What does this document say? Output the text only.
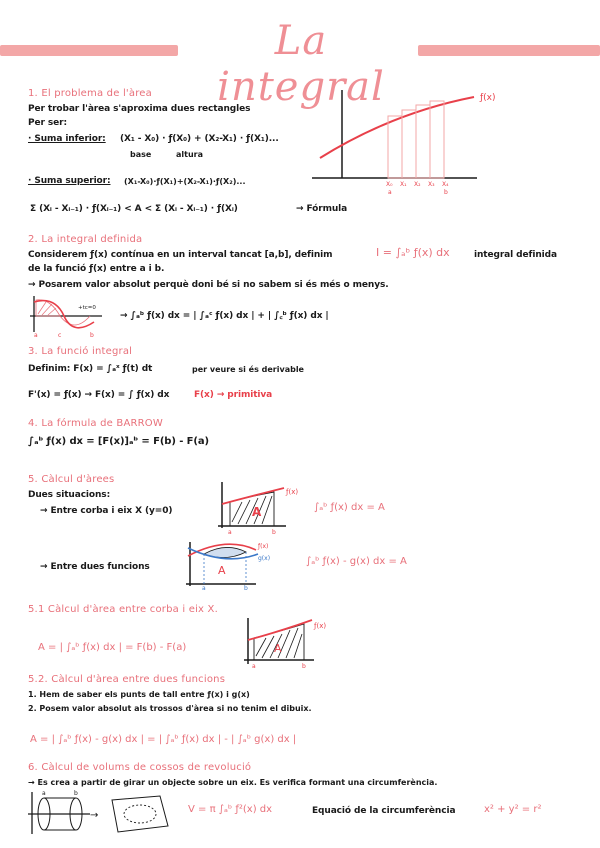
La integral
1. El problema de l'àrea
Per trobar l'àrea s'aproxima dues rectangles
Per ser:
· Suma inferior: (X₁ - X₀) · ƒ(X₀) + (X₂-X₁) · ƒ(X₁)...
base	altura
· Suma superior: (X₁-X₀)·ƒ(X₁)+(X₂-X₁)·ƒ(X₂)...
Σ (Xᵢ - Xᵢ₋₁) · ƒ(Xᵢ₋₁) < A < Σ (Xᵢ - Xᵢ₋₁) · ƒ(Xᵢ)	→ Fórmula
ƒ(x)
X₀ X₁ X₂ X₃ X₄
a	b
2. La integral definida
Considerem ƒ(x) contínua en un interval tancat [a,b], definim	I = ∫ₐᵇ ƒ(x) dx	integral definida
de la funció ƒ(x) entre a i b.
→ Posarem valor absolut perquè doni bé si no sabem si és més o menys.
+tc=0
a	c	b
→ ∫ₐᵇ ƒ(x) dx = | ∫ₐᶜ ƒ(x) dx | + | ∫꜀ᵇ ƒ(x) dx |
3. La funció integral
Definim: F(x) = ∫ₐˣ ƒ(t) dt	per veure si és derivable
F'(x) = ƒ(x) → F(x) = ∫ ƒ(x) dx	F(x) → primitiva
4. La fórmula de BARROW
∫ₐᵇ ƒ(x) dx = [F(x)]ₐᵇ = F(b) - F(a)
5. Càlcul d'àrees
Dues situacions:
→ Entre corba i eix X (y=0)	∫ₐᵇ ƒ(x) dx = A
A
ƒ(x)
a	b
→ Entre dues funcions	∫ₐᵇ ƒ(x) - g(x) dx = A
A
ƒ(x)
g(x)
a	b
5.1 Càlcul d'àrea entre corba i eix X.
A = | ∫ₐᵇ ƒ(x) dx | = F(b) - F(a)	A
ƒ(x)
a	b
5.2. Càlcul d'àrea entre dues funcions
1. Hem de saber els punts de tall entre ƒ(x) i g(x)
2. Posem valor absolut als trossos d'àrea si no tenim el dibuix.
A = | ∫ₐᵇ ƒ(x) - g(x) dx | = | ∫ₐᵇ ƒ(x) dx | - | ∫ₐᵇ g(x) dx |
6. Càlcul de volums de cossos de revolució
→ Es crea a partir de girar un objecte sobre un eix. Es verifica formant una circumferència.
a	b
→
V = π ∫ₐᵇ ƒ²(x) dx	Equació de la circumferència	x² + y² = r²
